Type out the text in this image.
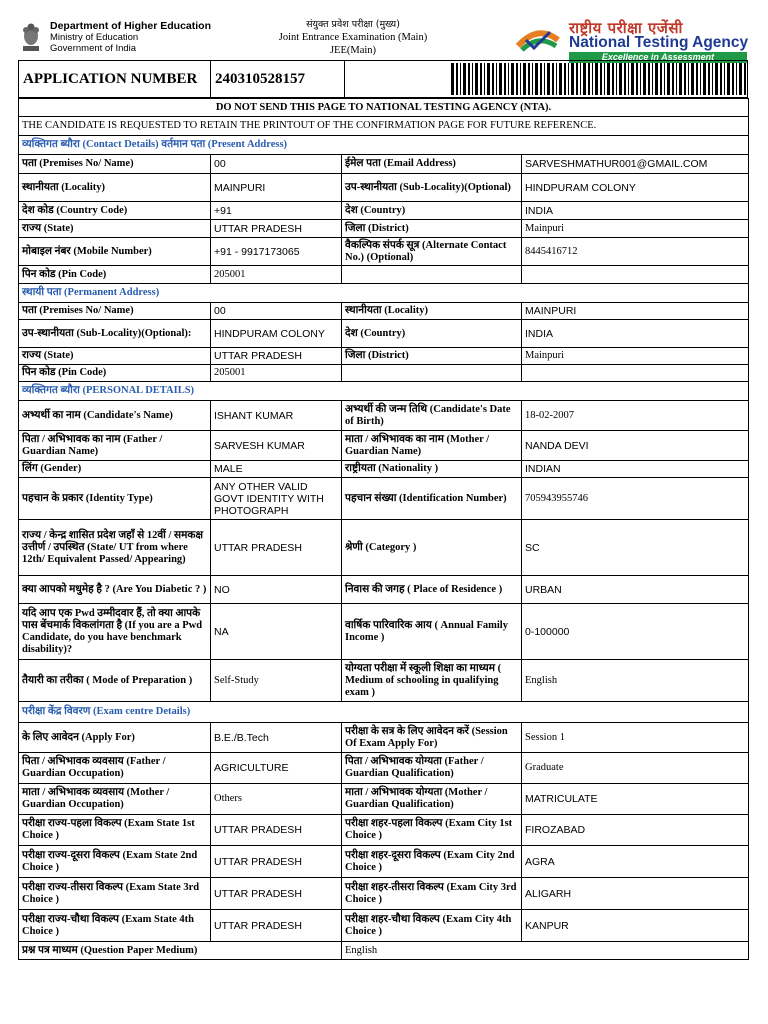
Department of Higher Education
Ministry of Education
Government of India
संयुक्त प्रवेश परीक्षा (मुख्य)
Joint Entrance Examination (Main)
JEE(Main)
राष्ट्रीय परीक्षा एजेंसी
National Testing Agency
Excellence in Assessment
APPLICATION NUMBER 240310528157
DO NOT SEND THIS PAGE TO NATIONAL TESTING AGENCY (NTA).			
THE CANDIDATE IS REQUESTED TO RETAIN THE PRINTOUT OF THE CONFIRMATION PAGE FOR FUTURE REFERENCE.			
व्यक्तिगत ब्यौरा (Contact Details) वर्तमान पता (Present Address)			
पता (Premises No/ Name)	00	ईमेल पता (Email Address)	SARVESHMATHUR001@GMAIL.COM
स्थानीयता (Locality)	MAINPURI	उप-स्थानीयता (Sub-Locality)(Optional)	HINDPURAM COLONY
देश कोड (Country Code)	+91	देश (Country)	INDIA
राज्य (State)	UTTAR PRADESH	जिला (District)	Mainpuri
मोबाइल नंबर (Mobile Number)	+91 - 9917173065	वैकल्पिक संपर्क सूत्र (Alternate Contact No.) (Optional)	8445416712
पिन कोड (Pin Code)	205001		
स्थायी पता (Permanent Address)			
पता (Premises No/ Name)	00	स्थानीयता (Locality)	MAINPURI
उप-स्थानीयता (Sub-Locality)(Optional):	HINDPURAM COLONY	देश (Country)	INDIA
राज्य (State)	UTTAR PRADESH	जिला (District)	Mainpuri
पिन कोड (Pin Code)	205001		
व्यक्तिगत ब्यौरा (PERSONAL DETAILS)			
अभ्यर्थी का नाम (Candidate's Name)	ISHANT KUMAR	अभ्यर्थी की जन्म तिथि (Candidate's Date of Birth)	18-02-2007
पिता / अभिभावक का नाम (Father / Guardian Name)	SARVESH KUMAR	माता / अभिभावक का नाम (Mother / Guardian Name)	NANDA DEVI
लिंग (Gender)	MALE	राष्ट्रीयता (Nationality )	INDIAN
पहचान के प्रकार (Identity Type)	ANY OTHER VALID GOVT IDENTITY WITH PHOTOGRAPH	पहचान संख्या (Identification Number)	705943955746
राज्य / केन्द्र शासित प्रदेश जहाँ से 12वीं / समकक्ष उत्तीर्ण / उपस्थित (State/ UT from where 12th/ Equivalent Passed/ Appearing)	UTTAR PRADESH	श्रेणी (Category )	SC
क्या आपको मधुमेह है ? (Are You Diabetic ? )	NO	निवास की जगह ( Place of Residence )	URBAN
यदि आप एक Pwd उम्मीदवार हैं, तो क्या आपके पास बेंचमार्क विकलांगता है (If you are a Pwd Candidate, do you have benchmark disability)?	NA	वार्षिक पारिवारिक आय ( Annual Family Income )	0-100000
तैयारी का तरीका ( Mode of Preparation )	Self-Study	योग्यता परीक्षा में स्कूली शिक्षा का माध्यम ( Medium of schooling in qualifying exam )	English
परीक्षा केंद्र विवरण (Exam centre Details)			
के लिए आवेदन (Apply For)	B.E./B.Tech	परीक्षा के सत्र के लिए आवेदन करें (Session Of Exam Apply For)	Session 1
पिता / अभिभावक व्यवसाय (Father / Guardian Occupation)	AGRICULTURE	पिता / अभिभावक योग्यता (Father / Guardian Qualification)	Graduate
माता / अभिभावक व्यवसाय (Mother / Guardian Occupation)	Others	माता / अभिभावक योग्यता (Mother / Guardian Qualification)	MATRICULATE
परीक्षा राज्य-पहला विकल्प (Exam State 1st Choice )	UTTAR PRADESH	परीक्षा शहर-पहला विकल्प (Exam City 1st Choice )	FIROZABAD
परीक्षा राज्य-दूसरा विकल्प (Exam State 2nd Choice )	UTTAR PRADESH	परीक्षा शहर-दूसरा विकल्प (Exam City 2nd Choice )	AGRA
परीक्षा राज्य-तीसरा विकल्प (Exam State 3rd Choice )	UTTAR PRADESH	परीक्षा शहर-तीसरा विकल्प (Exam City 3rd Choice )	ALIGARH
परीक्षा राज्य-चौथा विकल्प (Exam State 4th Choice )	UTTAR PRADESH	परीक्षा शहर-चौथा विकल्प (Exam City 4th Choice )	KANPUR
प्रश्न पत्र माध्यम (Question Paper Medium)		English	
